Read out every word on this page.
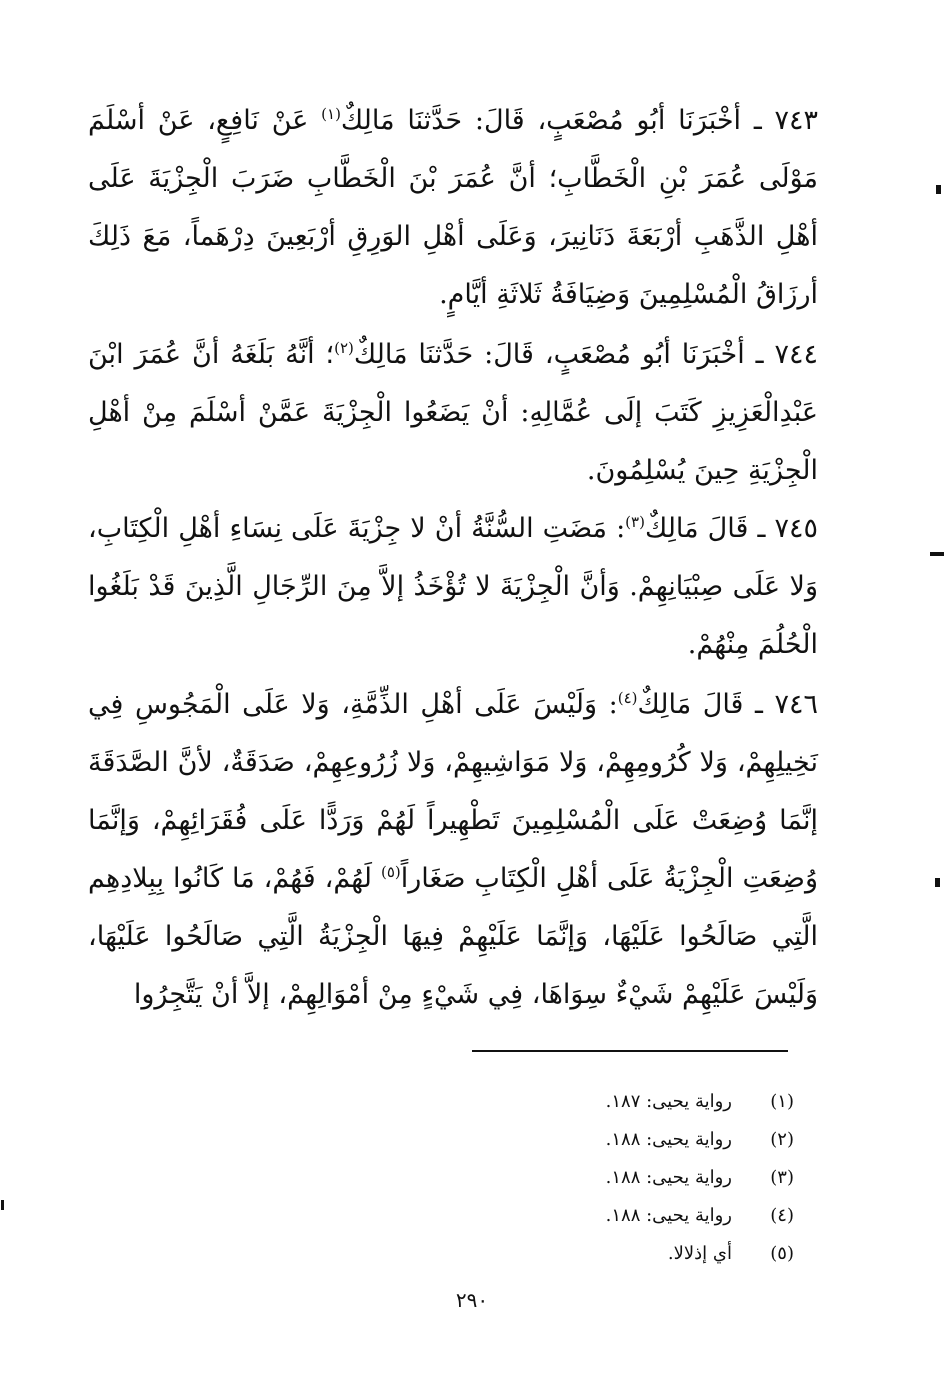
٧٤٣ ـ أخْبَرَنَا أبُو مُصْعَبٍ، قَالَ: حَدَّثنَا مَالِكٌ$^{(١)}$ عَنْ نَافِعٍ، عَنْ أسْلَمَ مَوْلَى عُمَرَ بْنِ الْخَطَّابِ؛ أنَّ عُمَرَ بْنَ الْخَطَّابِ ضَرَبَ الْجِزْيَةَ عَلَى أهْلِ الذَّهَبِ أرْبَعَةَ دَنَانِيرَ، وَعَلَى أهْلِ الوَرِقِ أرْبَعِينَ دِرْهَماً، مَعَ ذَلِكَ أرزَاقُ الْمُسْلِمِينَ وَضِيَافَةُ ثَلاثَةِ أيَّامٍ.

٧٤٤ ـ أخْبَرَنَا أبُو مُصْعَبٍ، قَالَ: حَدَّثنَا مَالِكٌ$^{(٢)}$؛ أنَّهُ بَلَغَهُ أنَّ عُمَرَ ابْنَ عَبْدِالْعَزِيزِ كَتَبَ إلَى عُمَّالِهِ: أنْ يَضَعُوا الْجِزْيَةَ عَمَّنْ أسْلَمَ مِنْ أهْلِ الْجِزْيَةِ حِينَ يُسْلِمُونَ.

٧٤٥ ـ قَالَ مَالِكٌ$^{(٣)}$: مَضَتِ السُّنَّةُ أنْ لا جِزْيَةَ عَلَى نِسَاءِ أهْلِ الْكِتَابِ، وَلا عَلَى صِبْيَانِهِمْ. وَأنَّ الْجِزْيَةَ لا تُؤْخَذُ إلاَّ مِنَ الرِّجَالِ الَّذِينَ قَدْ بَلَغُوا الْحُلُمَ مِنْهُمْ.

٧٤٦ ـ قَالَ مَالِكٌ$^{(٤)}$: وَلَيْسَ عَلَى أهْلِ الذِّمَّةِ، وَلا عَلَى الْمَجُوسِ فِي نَخِيلِهِمْ، وَلا كُرُومِهِمْ، وَلا مَوَاشِيهِمْ، وَلا زُرُوعِهِمْ، صَدَقَةٌ، لأنَّ الصَّدَقَةَ إنَّمَا وُضِعَتْ عَلَى الْمُسْلِمِينَ تَطْهِيراً لَهُمْ وَرَدًّا عَلَى فُقَرَائِهِمْ، وَإنَّمَا وُضِعَتِ الْجِزْيَةُ عَلَى أهْلِ الْكِتَابِ صَغَاراً$^{(٥)}$ لَهُمْ، فَهُمْ، مَا كَانُوا بِبِلادِهِم الَّتِي صَالَحُوا عَلَيْهَا، وَإنَّمَا عَلَيْهِمْ فِيهَا الْجِزْيَةُ الَّتِي صَالَحُوا عَلَيْهَا، وَلَيْسَ عَلَيْهِمْ شَيْءٌ سِوَاهَا، فِي شَيْءٍ مِنْ أمْوَالِهِمْ، إلاَّ أنْ يَتَّجِرُوا

(١)
رواية يحيى: ١٨٧.
(٢)
رواية يحيى: ١٨٨.
(٣)
رواية يحيى: ١٨٨.
(٤)
رواية يحيى: ١٨٨.
(٥)
أي إذلالا.
٢٩٠
